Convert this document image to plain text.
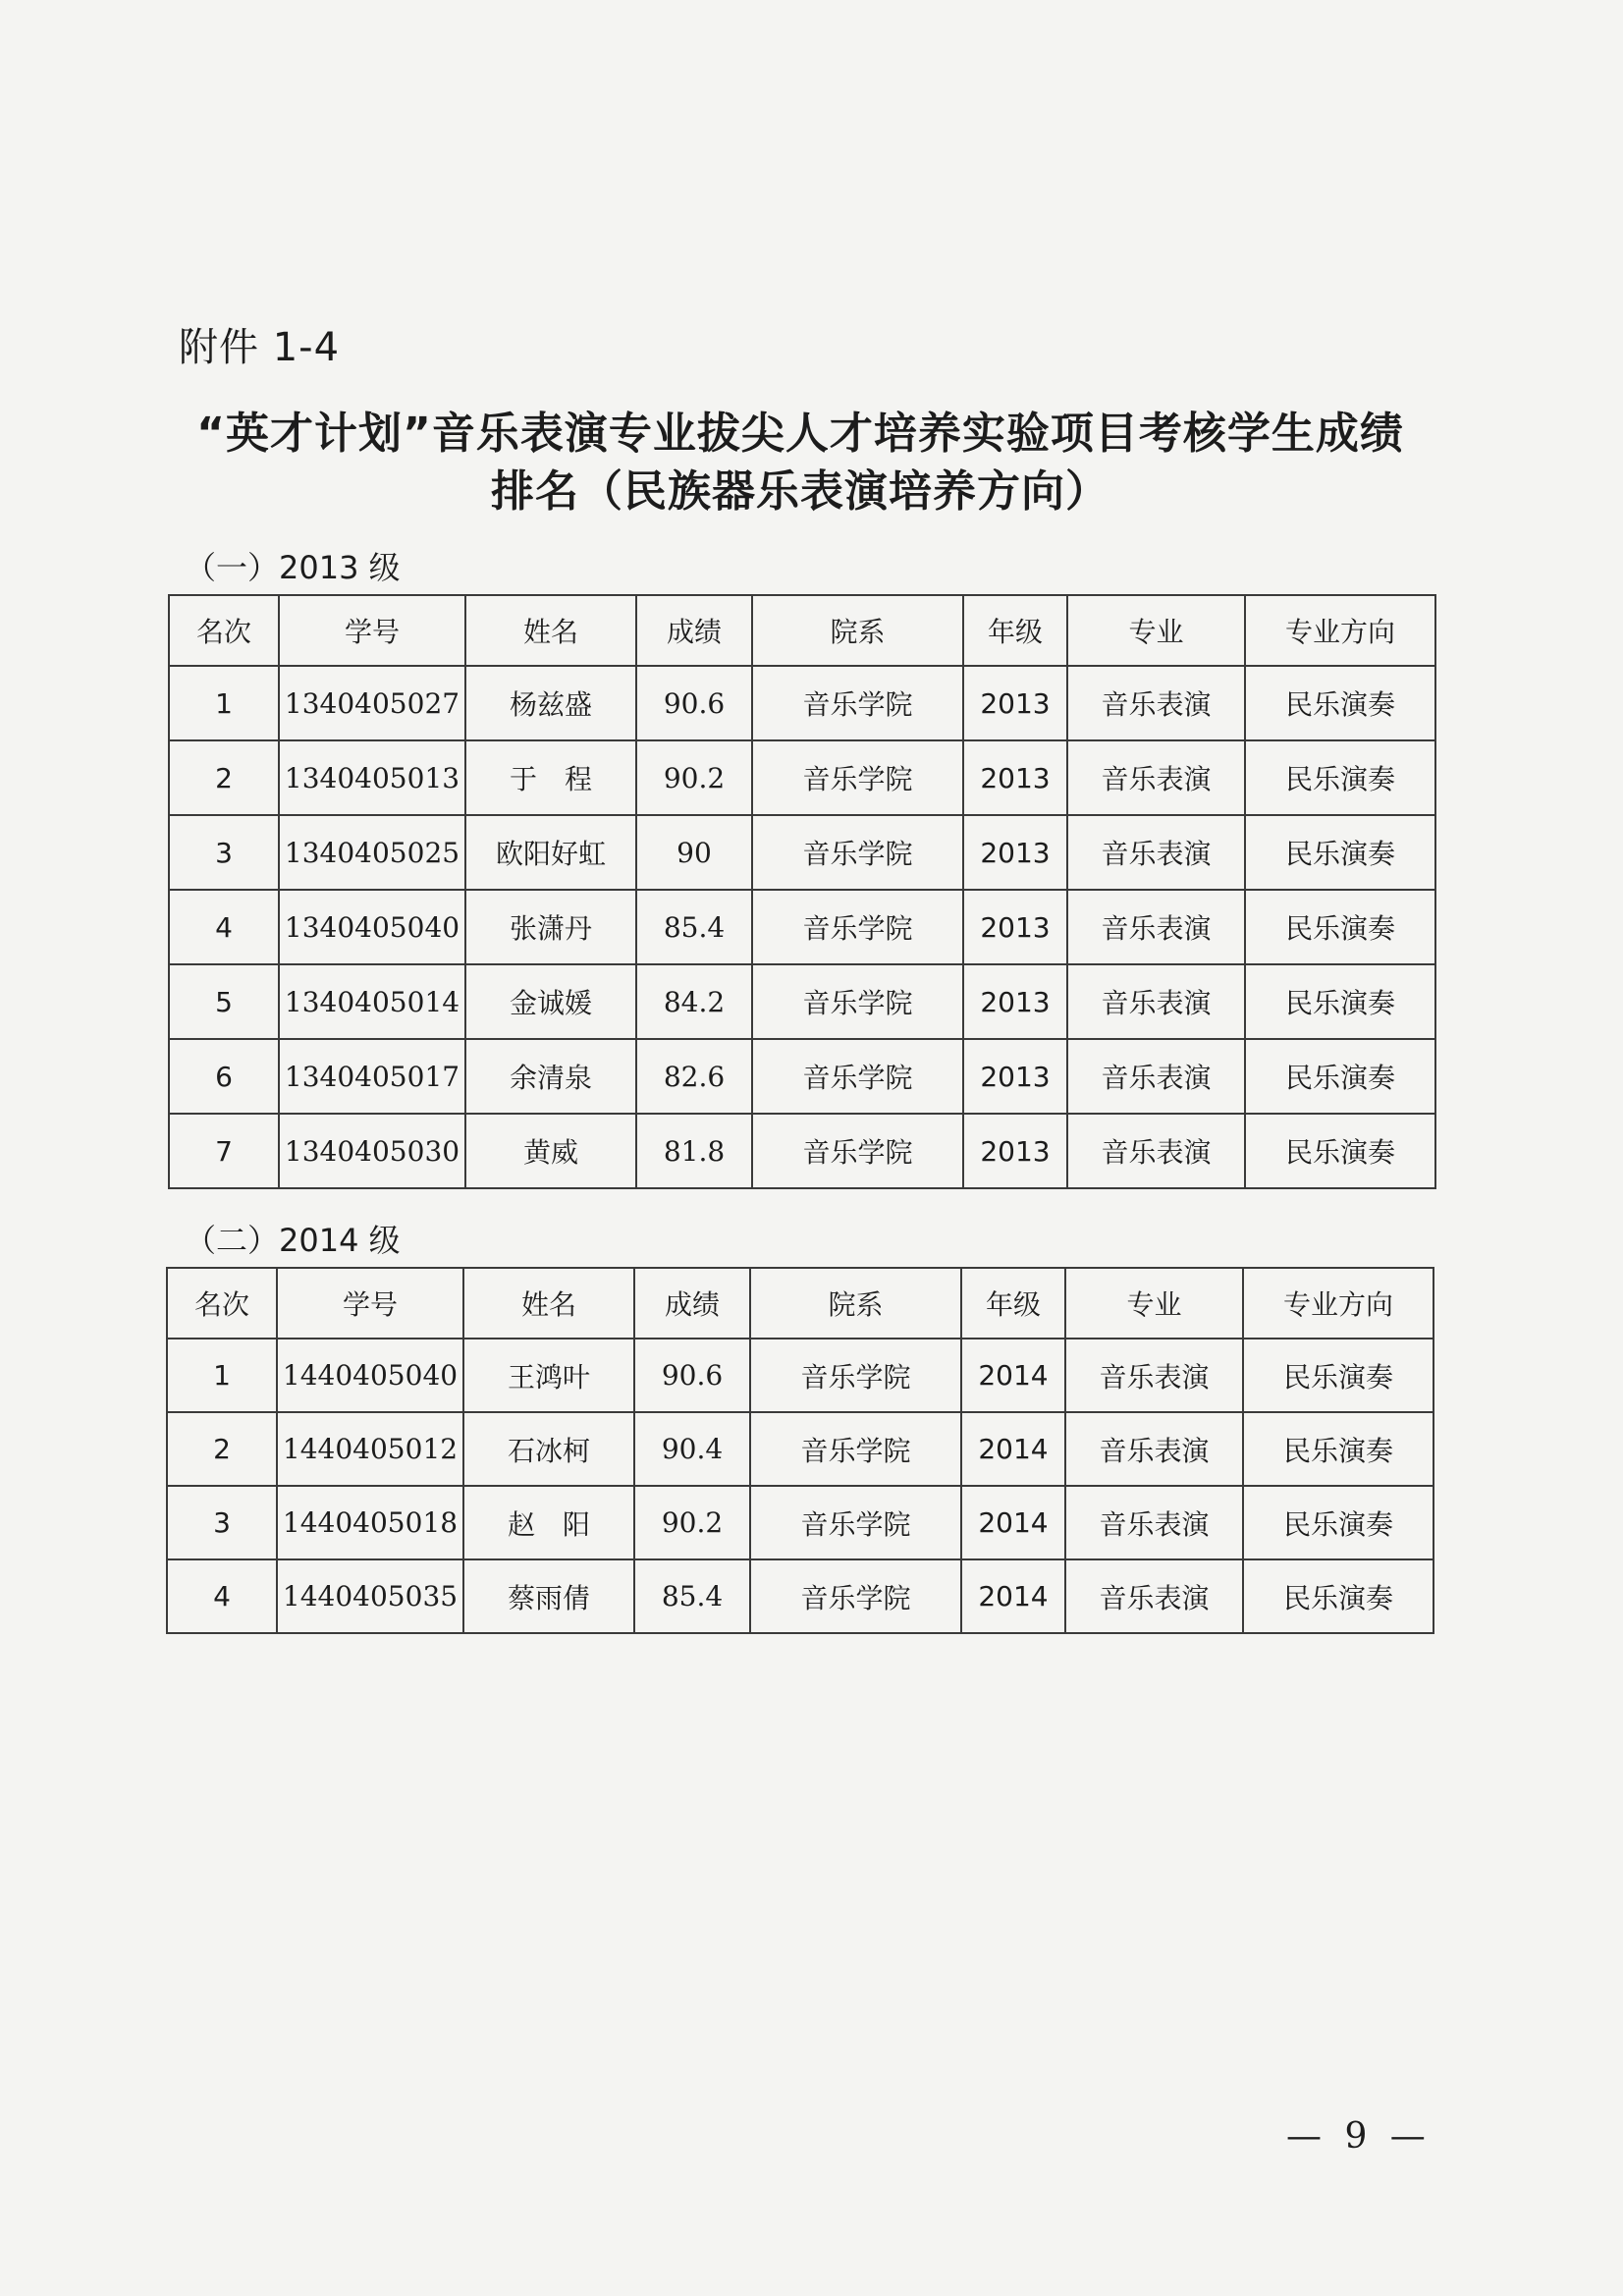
附件 1-4
“英才计划”音乐表演专业拔尖人才培养实验项目考核学生成绩
排名（民族器乐表演培养方向）
（一）2013 级
名次	学号	姓名	成绩	院系	年级	专业	专业方向
1	1340405027	杨兹盛	90.6	音乐学院	2013	音乐表演	民乐演奏
2	1340405013	于　程	90.2	音乐学院	2013	音乐表演	民乐演奏
3	1340405025	欧阳好虹	90	音乐学院	2013	音乐表演	民乐演奏
4	1340405040	张潇丹	85.4	音乐学院	2013	音乐表演	民乐演奏
5	1340405014	金诚媛	84.2	音乐学院	2013	音乐表演	民乐演奏
6	1340405017	余清泉	82.6	音乐学院	2013	音乐表演	民乐演奏
7	1340405030	黄威	81.8	音乐学院	2013	音乐表演	民乐演奏
（二）2014 级
名次	学号	姓名	成绩	院系	年级	专业	专业方向
1	1440405040	王鸿叶	90.6	音乐学院	2014	音乐表演	民乐演奏
2	1440405012	石冰柯	90.4	音乐学院	2014	音乐表演	民乐演奏
3	1440405018	赵　阳	90.2	音乐学院	2014	音乐表演	民乐演奏
4	1440405035	蔡雨倩	85.4	音乐学院	2014	音乐表演	民乐演奏
— 9 —
